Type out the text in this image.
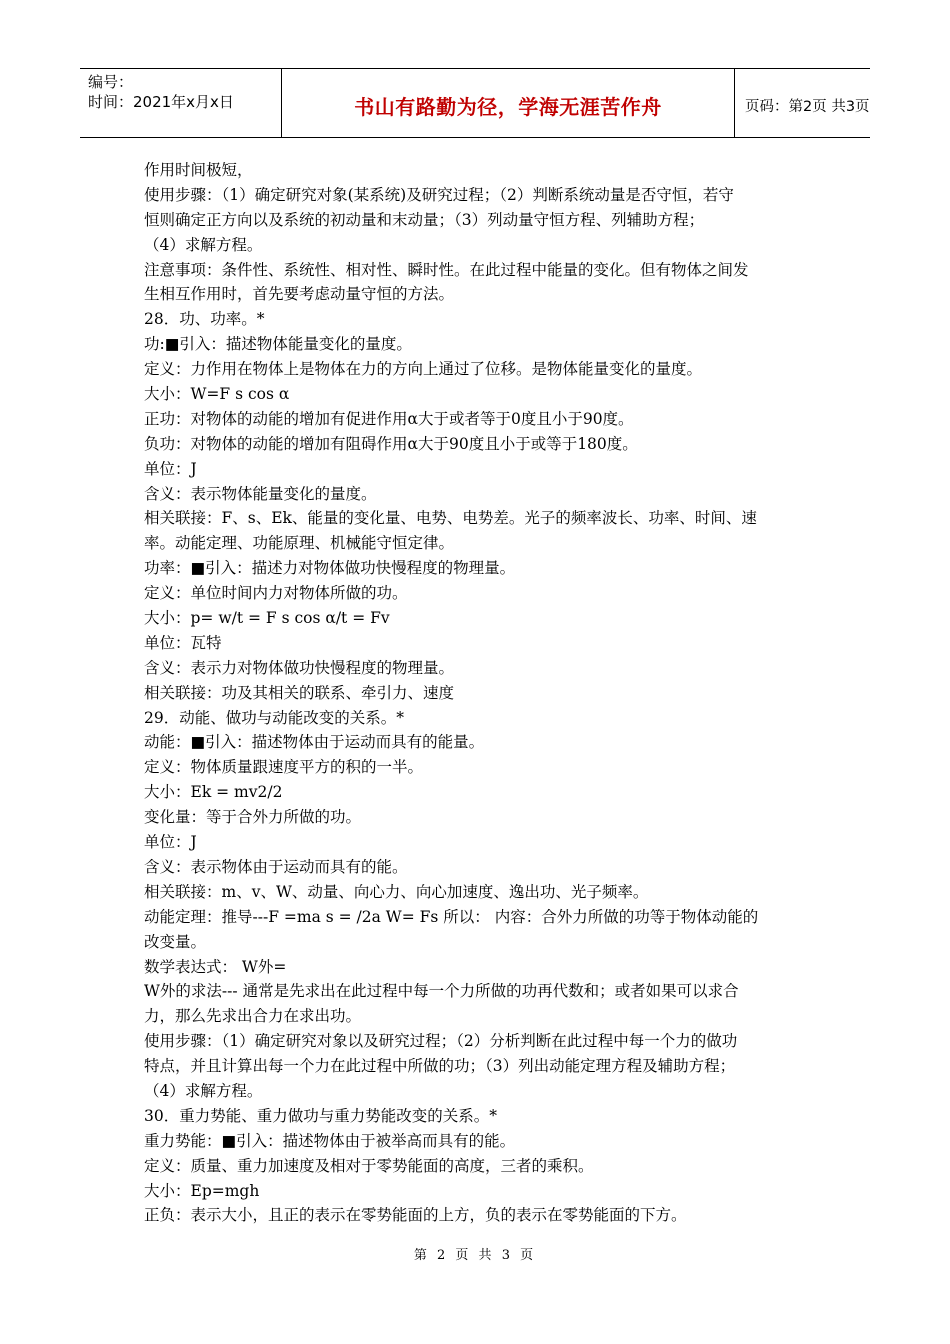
编号：
时间：2021年x月x日	书山有路勤为径，学海无涯苦作舟	页码：第2页 共3页
作用时间极短，
使用步骤：（1）确定研究对象(某系统)及研究过程；（2）判断系统动量是否守恒，若守
恒则确定正方向以及系统的初动量和末动量；（3）列动量守恒方程、列辅助方程；
（4）求解方程。
注意事项：条件性、系统性、相对性、瞬时性。在此过程中能量的变化。但有物体之间发
生相互作用时，首先要考虑动量守恒的方法。
28．功、功率。*
功:■引入：描述物体能量变化的量度。
定义：力作用在物体上是物体在力的方向上通过了位移。是物体能量变化的量度。
大小：W=F s cos α
正功：对物体的动能的增加有促进作用α大于或者等于0度且小于90度。
负功：对物体的动能的增加有阻碍作用α大于90度且小于或等于180度。
单位：J
含义：表示物体能量变化的量度。
相关联接：F、s、Ek、能量的变化量、电势、电势差。光子的频率波长、功率、时间、速
率。动能定理、功能原理、机械能守恒定律。
功率：■引入：描述力对物体做功快慢程度的物理量。
定义：单位时间内力对物体所做的功。
大小：p= w/t = F s cos α/t = Fv
单位：瓦特
含义：表示力对物体做功快慢程度的物理量。
相关联接：功及其相关的联系、牵引力、速度
29．动能、做功与动能改变的关系。*
动能：■引入：描述物体由于运动而具有的能量。
定义：物体质量跟速度平方的积的一半。
大小：Ek = mv2/2
变化量：等于合外力所做的功。
单位：J
含义：表示物体由于运动而具有的能。
相关联接：m、v、W、动量、向心力、向心加速度、逸出功、光子频率。
动能定理：推导---F =ma s = /2a W= Fs 所以： 内容：合外力所做的功等于物体动能的
改变量。
数学表达式： W外=
W外的求法--- 通常是先求出在此过程中每一个力所做的功再代数和；或者如果可以求合
力，那么先求出合力在求出功。
使用步骤：（1）确定研究对象以及研究过程；（2）分析判断在此过程中每一个力的做功
特点，并且计算出每一个力在此过程中所做的功；（3）列出动能定理方程及辅助方程；
（4）求解方程。
30．重力势能、重力做功与重力势能改变的关系。*
重力势能：■引入：描述物体由于被举高而具有的能。
定义：质量、重力加速度及相对于零势能面的高度，三者的乘积。
大小：Ep=mgh
正负：表示大小，且正的表示在零势能面的上方，负的表示在零势能面的下方。
第 2 页 共 3 页
